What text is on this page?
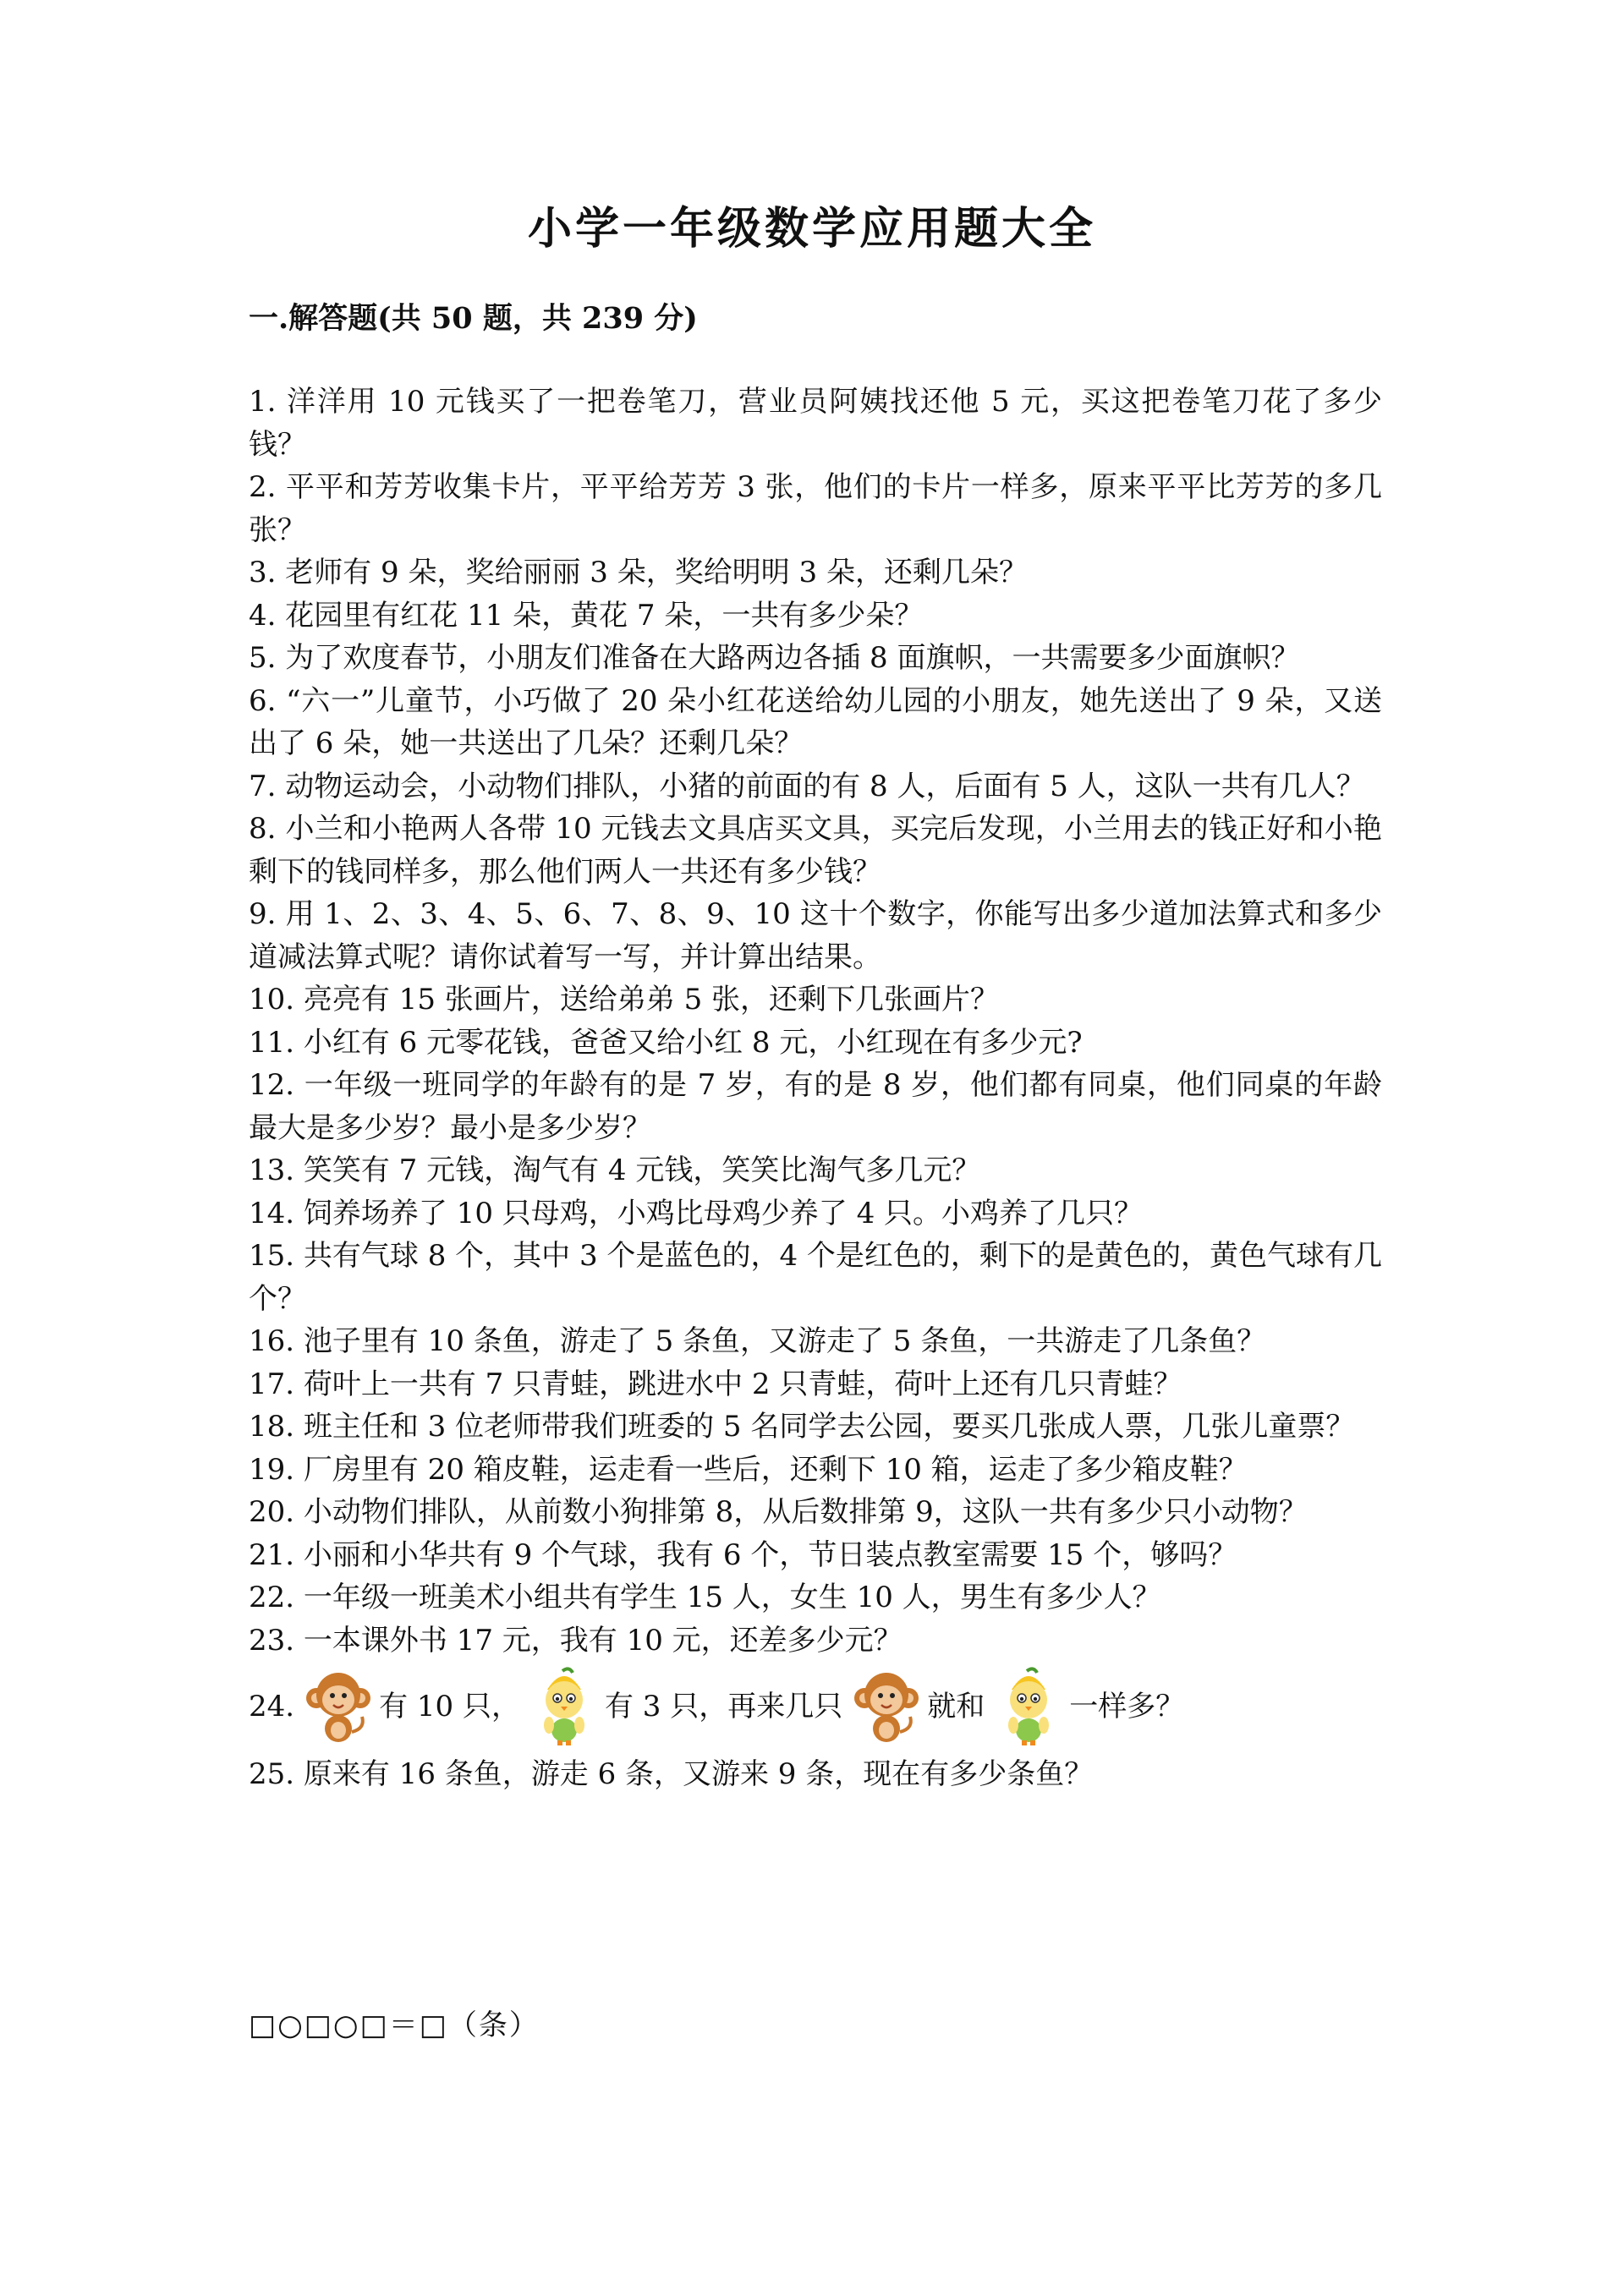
小学一年级数学应用题大全
一.解答题(共 50 题，共 239 分)

1. 洋洋用 10 元钱买了一把卷笔刀，营业员阿姨找还他 5 元，买这把卷笔刀花了多少钱？

2. 平平和芳芳收集卡片，平平给芳芳 3 张，他们的卡片一样多，原来平平比芳芳的多几张？

3. 老师有 9 朵，奖给丽丽 3 朵，奖给明明 3 朵，还剩几朵？

4. 花园里有红花 11 朵，黄花 7 朵，一共有多少朵？

5. 为了欢度春节，小朋友们准备在大路两边各插 8 面旗帜，一共需要多少面旗帜？

6. “六一”儿童节，小巧做了 20 朵小红花送给幼儿园的小朋友，她先送出了 9 朵，又送出了 6 朵，她一共送出了几朵？还剩几朵？

7. 动物运动会，小动物们排队，小猪的前面的有 8 人，后面有 5 人，这队一共有几人？

8. 小兰和小艳两人各带 10 元钱去文具店买文具，买完后发现，小兰用去的钱正好和小艳剩下的钱同样多，那么他们两人一共还有多少钱？

9. 用 1、2、3、4、5、6、7、8、9、10 这十个数字，你能写出多少道加法算式和多少道减法算式呢？请你试着写一写，并计算出结果。

10. 亮亮有 15 张画片，送给弟弟 5 张，还剩下几张画片？

11. 小红有 6 元零花钱，爸爸又给小红 8 元，小红现在有多少元?

12. 一年级一班同学的年龄有的是 7 岁，有的是 8 岁，他们都有同桌，他们同桌的年龄最大是多少岁？最小是多少岁？

13. 笑笑有 7 元钱，淘气有 4 元钱，笑笑比淘气多几元？

14. 饲养场养了 10 只母鸡，小鸡比母鸡少养了 4 只。小鸡养了几只？

15. 共有气球 8 个，其中 3 个是蓝色的，4 个是红色的，剩下的是黄色的，黄色气球有几个？

16. 池子里有 10 条鱼，游走了 5 条鱼，又游走了 5 条鱼，一共游走了几条鱼？

17. 荷叶上一共有 7 只青蛙，跳进水中 2 只青蛙，荷叶上还有几只青蛙？

18. 班主任和 3 位老师带我们班委的 5 名同学去公园，要买几张成人票，几张儿童票？

19. 厂房里有 20 箱皮鞋，运走看一些后，还剩下 10 箱，运走了多少箱皮鞋？

20. 小动物们排队，从前数小狗排第 8，从后数排第 9，这队一共有多少只小动物？

21. 小丽和小华共有 9 个气球，我有 6 个，节日装点教室需要 15 个，够吗？

22. 一年级一班美术小组共有学生 15 人，女生 10 人，男生有多少人？

23. 一本课外书 17 元，我有 10 元，还差多少元？

24.	有 10 只，	有 3 只，再来几只	就和	一样多？

25. 原来有 16 条鱼，游走 6 条，又游来 9 条，现在有多少条鱼？

□○□○□＝□（条）
